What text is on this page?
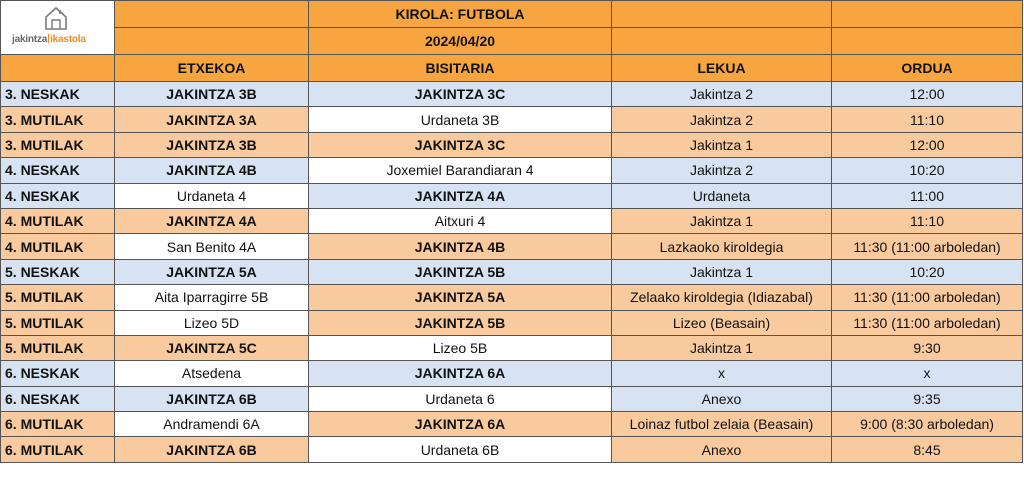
jakintza ikastola		KIROLA: FUTBOLA		
		2024/04/20		
	ETXEKOA	BISITARIA	LEKUA	ORDUA
3. NESKAK	JAKINTZA 3B	JAKINTZA 3C	Jakintza 2	12:00
3. MUTILAK	JAKINTZA 3A	Urdaneta 3B	Jakintza 2	11:10
3. MUTILAK	JAKINTZA 3B	JAKINTZA 3C	Jakintza 1	12:00
4. NESKAK	JAKINTZA 4B	Joxemiel Barandiaran 4	Jakintza 2	10:20
4. NESKAK	Urdaneta 4	JAKINTZA 4A	Urdaneta	11:00
4. MUTILAK	JAKINTZA 4A	Aitxuri 4	Jakintza 1	11:10
4. MUTILAK	San Benito 4A	JAKINTZA 4B	Lazkaoko kiroldegia	11:30 (11:00 arboledan)
5. NESKAK	JAKINTZA 5A	JAKINTZA 5B	Jakintza 1	10:20
5. MUTILAK	Aita Iparragirre 5B	JAKINTZA 5A	Zelaako kiroldegia (Idiazabal)	11:30 (11:00 arboledan)
5. MUTILAK	Lizeo 5D	JAKINTZA 5B	Lizeo (Beasain)	11:30 (11:00 arboledan)
5. MUTILAK	JAKINTZA 5C	Lizeo 5B	Jakintza 1	9:30
6. NESKAK	Atsedena	JAKINTZA 6A	x	x
6. NESKAK	JAKINTZA 6B	Urdaneta 6	Anexo	9:35
6. MUTILAK	Andramendi 6A	JAKINTZA 6A	Loinaz futbol zelaia (Beasain)	9:00 (8:30 arboledan)
6. MUTILAK	JAKINTZA 6B	Urdaneta 6B	Anexo	8:45
